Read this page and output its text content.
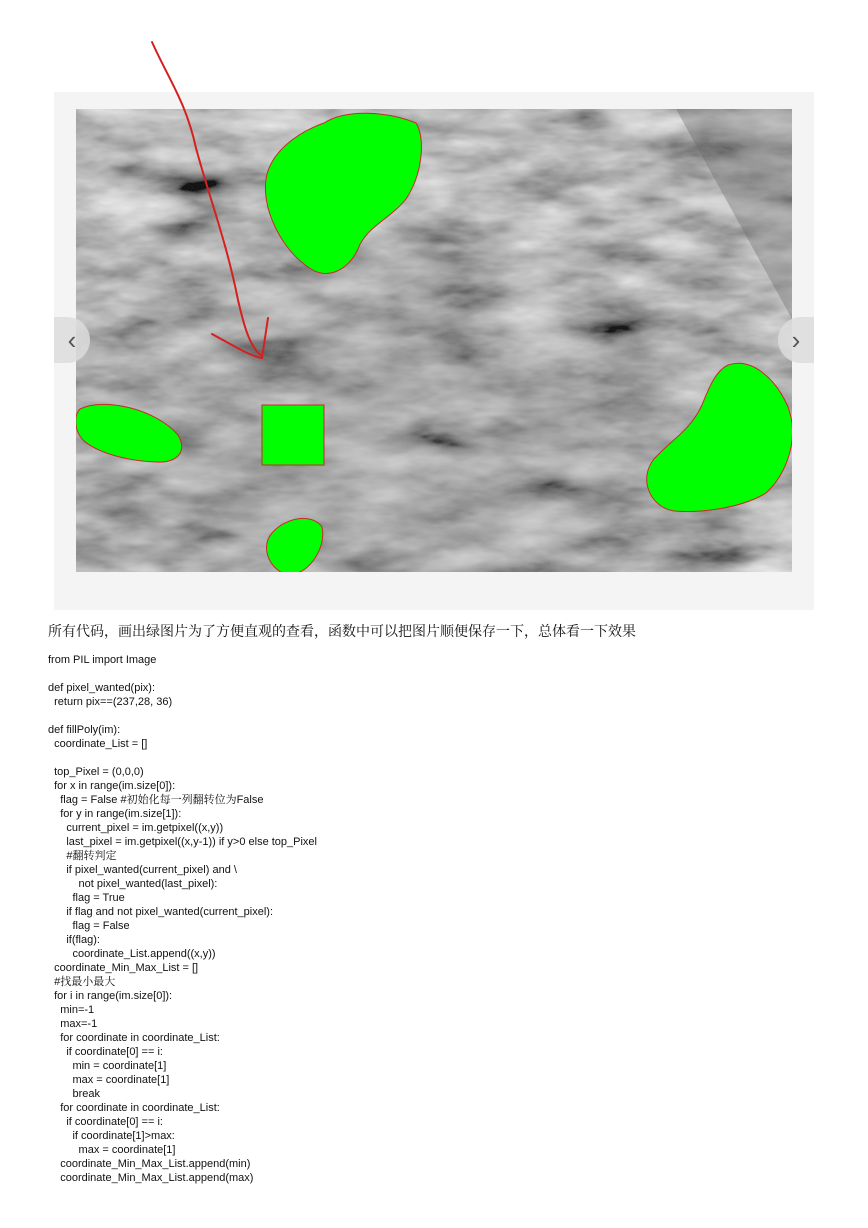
‹	›

所有代码，画出绿图片为了方便直观的查看，函数中可以把图片顺便保存一下，总体看一下效果

from PIL import Image

def pixel_wanted(pix):
return pix==(237,28, 36)

def fillPoly(im):
coordinate_List = []

top_Pixel = (0,0,0)
for x in range(im.size[0]):
flag = False #初始化每一列翻转位为False
for y in range(im.size[1]):
current_pixel = im.getpixel((x,y))
last_pixel = im.getpixel((x,y-1)) if y>0 else top_Pixel
#翻转判定
if pixel_wanted(current_pixel) and \
not pixel_wanted(last_pixel):
flag = True
if flag and not pixel_wanted(current_pixel):
flag = False
if(flag):
coordinate_List.append((x,y))
coordinate_Min_Max_List = []
#找最小最大
for i in range(im.size[0]):
min=-1
max=-1
for coordinate in coordinate_List:
if coordinate[0] == i:
min = coordinate[1]
max = coordinate[1]
break
for coordinate in coordinate_List:
if coordinate[0] == i:
if coordinate[1]>max:
max = coordinate[1]
coordinate_Min_Max_List.append(min)
coordinate_Min_Max_List.append(max)
